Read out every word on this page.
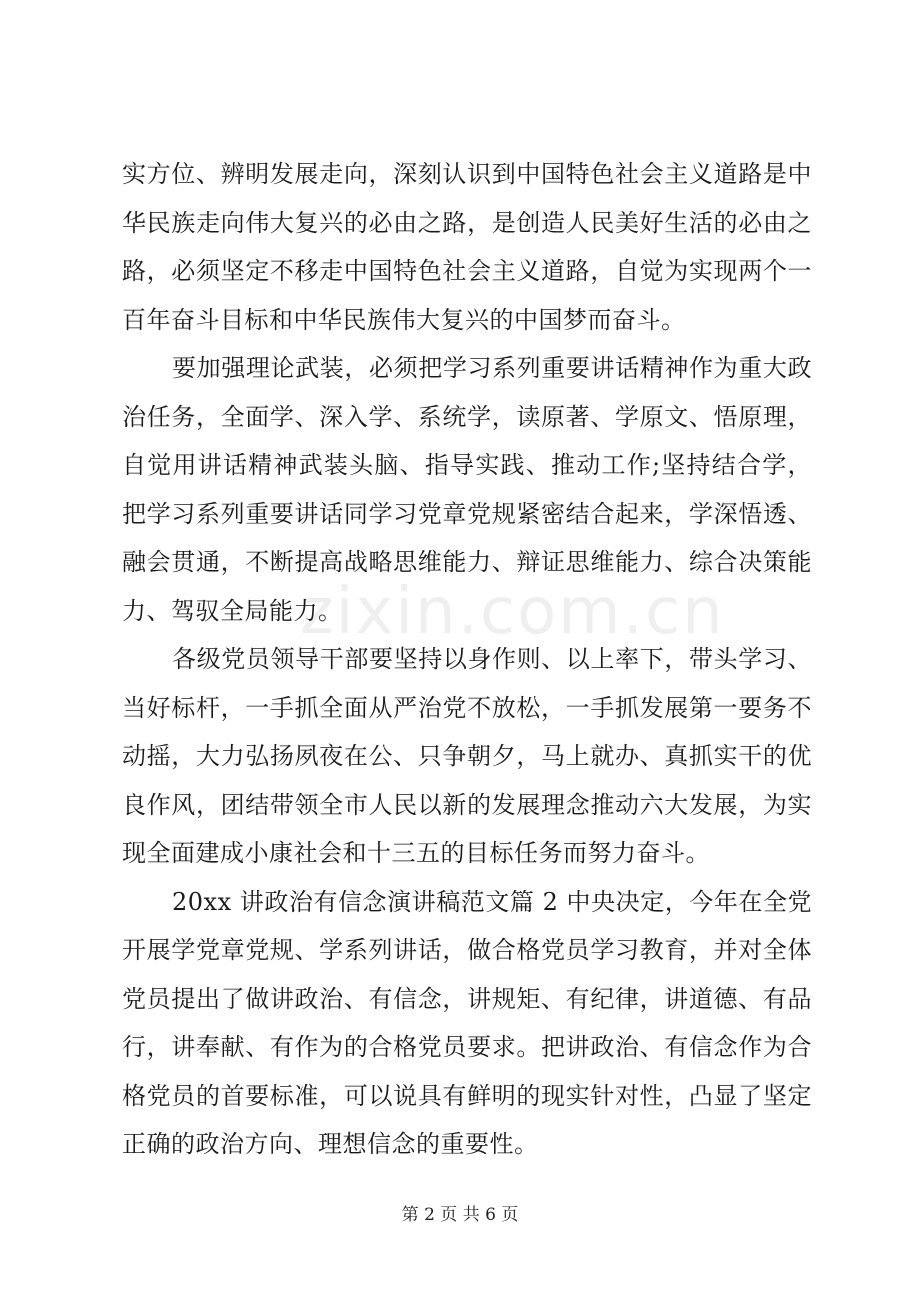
zixin.com.cn
实方位、辨明发展走向，深刻认识到中国特色社会主义道路是中
华民族走向伟大复兴的必由之路，是创造人民美好生活的必由之
路，必须坚定不移走中国特色社会主义道路，自觉为实现两个一
百年奋斗目标和中华民族伟大复兴的中国梦而奋斗。
要加强理论武装，必须把学习系列重要讲话精神作为重大政
治任务，全面学、深入学、系统学，读原著、学原文、悟原理，
自觉用讲话精神武装头脑、指导实践、推动工作;坚持结合学，
把学习系列重要讲话同学习党章党规紧密结合起来，学深悟透、
融会贯通，不断提高战略思维能力、辩证思维能力、综合决策能
力、驾驭全局能力。
各级党员领导干部要坚持以身作则、以上率下，带头学习、
当好标杆，一手抓全面从严治党不放松，一手抓发展第一要务不
动摇，大力弘扬夙夜在公、只争朝夕，马上就办、真抓实干的优
良作风，团结带领全市人民以新的发展理念推动六大发展，为实
现全面建成小康社会和十三五的目标任务而努力奋斗。
20xx 讲政治有信念演讲稿范文篇 2 中央决定，今年在全党
开展学党章党规、学系列讲话，做合格党员学习教育，并对全体
党员提出了做讲政治、有信念，讲规矩、有纪律，讲道德、有品
行，讲奉献、有作为的合格党员要求。把讲政治、有信念作为合
格党员的首要标准，可以说具有鲜明的现实针对性，凸显了坚定
正确的政治方向、理想信念的重要性。
第 2 页 共 6 页
